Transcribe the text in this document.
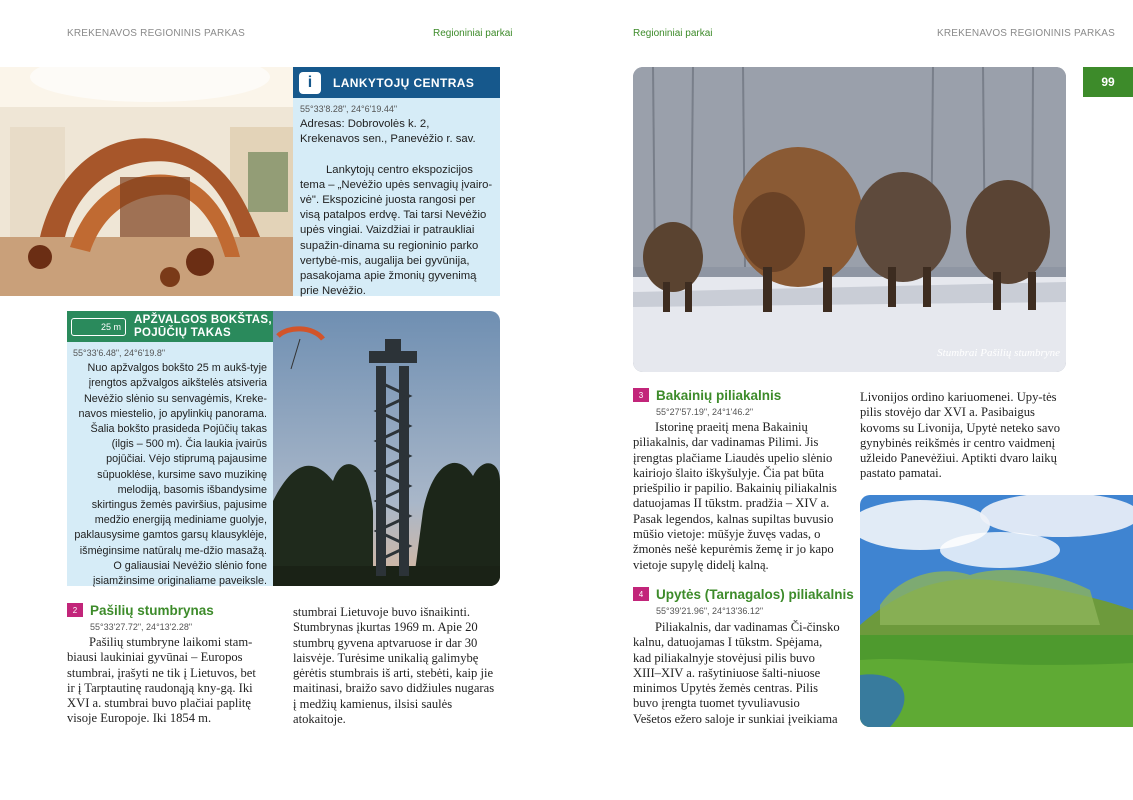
KREKENAVOS REGIONINIS PARKAS	Regioniniai parkai	Regioniniai parkai	KREKENAVOS REGIONINIS PARKAS
99
i	LANKYTOJŲ CENTRAS
55°33'8.28", 24°6'19.44"
Adresas: Dobrovolės k. 2,
Krekenavos sen., Panevėžio r. sav.
Lankytojų centro ekspozicijos tema – „Nevėžio upės senvagių įvairo-vė". Ekspozicinė juosta rangosi per visą patalpos erdvę. Tai tarsi Nevėžio upės vingiai. Vaizdžiai ir patraukliai supažin-dinama su regioninio parko vertybė-mis, augalija bei gyvūnija, pasakojama apie žmonių gyvenimą prie Nevėžio.
25 m
APŽVALGOS BOKŠTAS,
POJŪČIŲ TAKAS
55°33'6.48", 24°6'19.8"
Nuo apžvalgos bokšto 25 m aukš-tyje įrengtos apžvalgos aikštelės atsiveria Nevėžio slėnio su senvagėmis, Kreke-navos miestelio, jo apylinkių panorama. Šalia bokšto prasideda Pojūčių takas (ilgis – 500 m). Čia laukia įvairūs pojūčiai. Vėjo stiprumą pajausime sūpuoklėse, kursime savo muzikinę melodiją, basomis išbandysime skirtingus žemės paviršius, pajusime medžio energiją mediniame guolyje, paklausysime gamtos garsų klausyklėje, išmėginsime natūralų me-džio masažą. O galiausiai Nevėžio slėnio fone įsiamžinsime originaliame paveiksle.
2 Pašilių stumbrynas
55°33'27.72", 24°13'2.28"
Pašilių stumbryne laikomi stam-biausi laukiniai gyvūnai – Europos stumbrai, įrašyti ne tik į Lietuvos, bet ir į Tarptautinę raudonąją kny-gą. Iki XVI a. stumbrai buvo plačiai paplitę visoje Europoje. Iki 1854 m.
stumbrai Lietuvoje buvo išnaikinti. Stumbrynas įkurtas 1969 m. Apie 20 stumbrų gyvena aptvaruose ir dar 30 laisvėje. Turėsime unikalią galimybę gėrėtis stumbrais iš arti, stebėti, kaip jie maitinasi, braižo savo didžiules nugaras į medžių kamienus, ilsisi saulės atokaitoje.
Stumbrai Pašilių stumbryne
3 Bakainių piliakalnis
55°27'57.19", 24°1'46.2"
Istorinę praeitį mena Bakainių piliakalnis, dar vadinamas Pilimi. Jis įrengtas plačiame Liaudės upelio slėnio kairiojo šlaito iškyšulyje. Čia pat būta priešpilio ir papilio. Bakainių piliakalnis datuojamas II tūkstm. pradžia – XIV a. Pasak legendos, kalnas supiltas buvusio mūšio vietoje: mūšyje žuvęs vadas, o žmonės nešė kepurėmis žemę ir jo kapo vietoje supylę didelį kalną.
4 Upytės (Tarnagalos) piliakalnis
55°39'21.96", 24°13'36.12"
Piliakalnis, dar vadinamas Či-činsko kalnu, datuojamas I tūkstm. Spėjama, kad piliakalnyje stovėjusi pilis buvo XIII–XIV a. rašytiniuose šalti-niuose minimos Upytės žemės centras. Pilis buvo įrengta tuomet tyvuliavusio Vešetos ežero saloje ir sunkiai įveikiama
Livonijos ordino kariuomenei. Upy-tės pilis stovėjo dar XVI a. Pasibaigus kovoms su Livonija, Upytė neteko savo gynybinės reikšmės ir centro vaidmenį užleido Panevėžiui. Aptikti dvaro laikų pastato pamatai.
